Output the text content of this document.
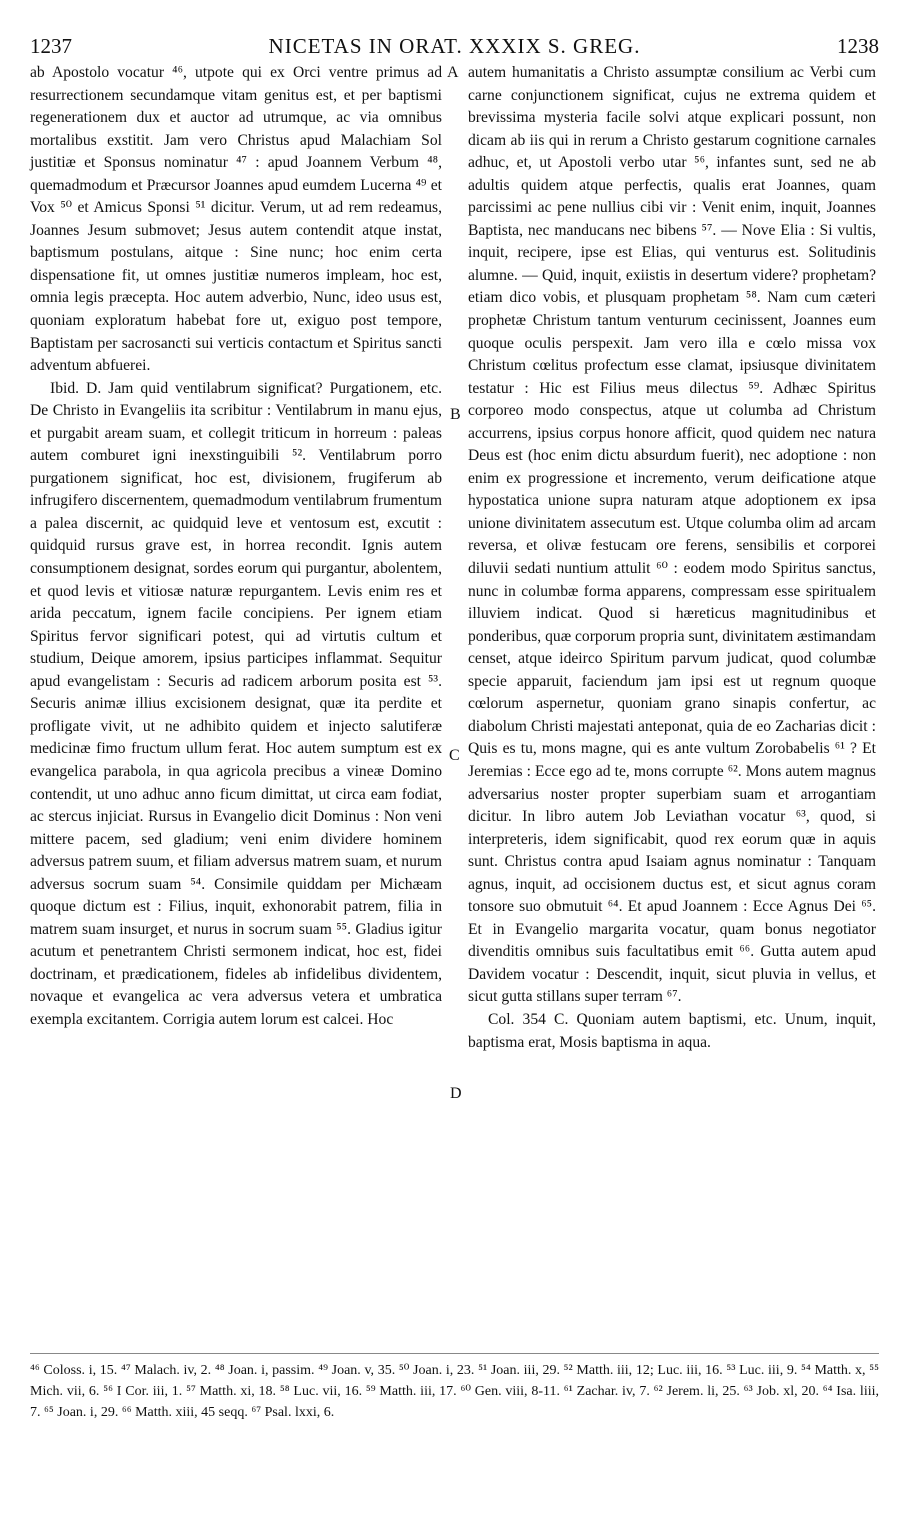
1237	NICETAS IN ORAT. XXXIX S. GREG.	1238

ab Apostolo vocatur ⁴⁶, utpote qui ex Orci ventre primus ad resurrectionem secundamque vitam genitus est, et per baptismi regenerationem dux et auctor ad utrumque, ac via omnibus mortalibus exstitit. Jam vero Christus apud Malachiam Sol justitiæ et Sponsus nominatur ⁴⁷ : apud Joannem Verbum ⁴⁸, quemadmodum et Præcursor Joannes apud eumdem Lucerna ⁴⁹ et Vox ⁵⁰ et Amicus Sponsi ⁵¹ dicitur. Verum, ut ad rem redeamus, Joannes Jesum submovet; Jesus autem contendit atque instat, baptismum postulans, aitque : Sine nunc; hoc enim certa dispensatione fit, ut omnes justitiæ numeros impleam, hoc est, omnia legis præcepta. Hoc autem adverbio, Nunc, ideo usus est, quoniam exploratum habebat fore ut, exiguo post tempore, Baptistam per sacrosancti sui verticis contactum et Spiritus sancti adventum abfuerei.

Ibid. D. Jam quid ventilabrum significat? Purgationem, etc. De Christo in Evangeliis ita scribitur : Ventilabrum in manu ejus, et purgabit aream suam, et collegit triticum in horreum : paleas autem comburet igni inexstinguibili ⁵². Ventilabrum porro purgationem significat, hoc est, divisionem, frugiferum ab infrugifero discernentem, quemadmodum ventilabrum frumentum a palea discernit, ac quidquid leve et ventosum est, excutit : quidquid rursus grave est, in horrea recondit. Ignis autem consumptionem designat, sordes eorum qui purgantur, abolentem, et quod levis et vitiosæ naturæ repurgantem. Levis enim res et arida peccatum, ignem facile concipiens. Per ignem etiam Spiritus fervor significari potest, qui ad virtutis cultum et studium, Deique amorem, ipsius participes inflammat. Sequitur apud evangelistam : Securis ad radicem arborum posita est ⁵³. Securis animæ illius excisionem designat, quæ ita perdite et profligate vivit, ut ne adhibito quidem et injecto salutiferæ medicinæ fimo fructum ullum ferat. Hoc autem sumptum est ex evangelica parabola, in qua agricola precibus a vineæ Domino contendit, ut uno adhuc anno ficum dimittat, ut circa eam fodiat, ac stercus injiciat. Rursus in Evangelio dicit Dominus : Non veni mittere pacem, sed gladium; veni enim dividere hominem adversus patrem suum, et filiam adversus matrem suam, et nurum adversus socrum suam ⁵⁴. Consimile quiddam per Michæam quoque dictum est : Filius, inquit, exhonorabit patrem, filia in matrem suam insurget, et nurus in socrum suam ⁵⁵. Gladius igitur acutum et penetrantem Christi sermonem indicat, hoc est, fidei doctrinam, et prædicationem, fideles ab infidelibus dividentem, novaque et evangelica ac vera adversus vetera et umbratica exempla excitantem. Corrigia autem lorum est calcei. Hoc

A
B
C
D

autem humanitatis a Christo assumptæ consilium ac Verbi cum carne conjunctionem significat, cujus ne extrema quidem et brevissima mysteria facile solvi atque explicari possunt, non dicam ab iis qui in rerum a Christo gestarum cognitione carnales adhuc, et, ut Apostoli verbo utar ⁵⁶, infantes sunt, sed ne ab adultis quidem atque perfectis, qualis erat Joannes, quam parcissimi ac pene nullius cibi vir : Venit enim, inquit, Joannes Baptista, nec manducans nec bibens ⁵⁷. — Nove Elia : Si vultis, inquit, recipere, ipse est Elias, qui venturus est. Solitudinis alumne. — Quid, inquit, exiistis in desertum videre? prophetam? etiam dico vobis, et plusquam prophetam ⁵⁸. Nam cum cæteri prophetæ Christum tantum venturum cecinissent, Joannes eum quoque oculis perspexit. Jam vero illa e cœlo missa vox Christum cœlitus profectum esse clamat, ipsiusque divinitatem testatur : Hic est Filius meus dilectus ⁵⁹. Adhæc Spiritus corporeo modo conspectus, atque ut columba ad Christum accurrens, ipsius corpus honore afficit, quod quidem nec natura Deus est (hoc enim dictu absurdum fuerit), nec adoptione : non enim ex progressione et incremento, verum deificatione atque hypostatica unione supra naturam atque adoptionem ex ipsa unione divinitatem assecutum est. Utque columba olim ad arcam reversa, et olivæ festucam ore ferens, sensibilis et corporei diluvii sedati nuntium attulit ⁶⁰ : eodem modo Spiritus sanctus, nunc in columbæ forma apparens, compressam esse spiritualem illuviem indicat. Quod si hæreticus magnitudinibus et ponderibus, quæ corporum propria sunt, divinitatem æstimandam censet, atque ideirco Spiritum parvum judicat, quod columbæ specie apparuit, faciendum jam ipsi est ut regnum quoque cœlorum aspernetur, quoniam grano sinapis confertur, ac diabolum Christi majestati anteponat, quia de eo Zacharias dicit : Quis es tu, mons magne, qui es ante vultum Zorobabelis ⁶¹ ? Et Jeremias : Ecce ego ad te, mons corrupte ⁶². Mons autem magnus adversarius noster propter superbiam suam et arrogantiam dicitur. In libro autem Job Leviathan vocatur ⁶³, quod, si interpreteris, idem significabit, quod rex eorum quæ in aquis sunt. Christus contra apud Isaiam agnus nominatur : Tanquam agnus, inquit, ad occisionem ductus est, et sicut agnus coram tonsore suo obmutuit ⁶⁴. Et apud Joannem : Ecce Agnus Dei ⁶⁵. Et in Evangelio margarita vocatur, quam bonus negotiator divenditis omnibus suis facultatibus emit ⁶⁶. Gutta autem apud Davidem vocatur : Descendit, inquit, sicut pluvia in vellus, et sicut gutta stillans super terram ⁶⁷.

Col. 354 C. Quoniam autem baptismi, etc. Unum, inquit, baptisma erat, Mosis baptisma in aqua.

⁴⁶ Coloss. i, 15. ⁴⁷ Malach. iv, 2. ⁴⁸ Joan. i, passim. ⁴⁹ Joan. v, 35. ⁵⁰ Joan. i, 23. ⁵¹ Joan. iii, 29. ⁵² Matth. iii, 12; Luc. iii, 16. ⁵³ Luc. iii, 9. ⁵⁴ Matth. x, ⁵⁵ Mich. vii, 6. ⁵⁶ I Cor. iii, 1. ⁵⁷ Matth. xi, 18. ⁵⁸ Luc. vii, 16. ⁵⁹ Matth. iii, 17. ⁶⁰ Gen. viii, 8-11. ⁶¹ Zachar. iv, 7. ⁶² Jerem. li, 25. ⁶³ Job. xl, 20. ⁶⁴ Isa. liii, 7. ⁶⁵ Joan. i, 29. ⁶⁶ Matth. xiii, 45 seqq. ⁶⁷ Psal. lxxi, 6.
